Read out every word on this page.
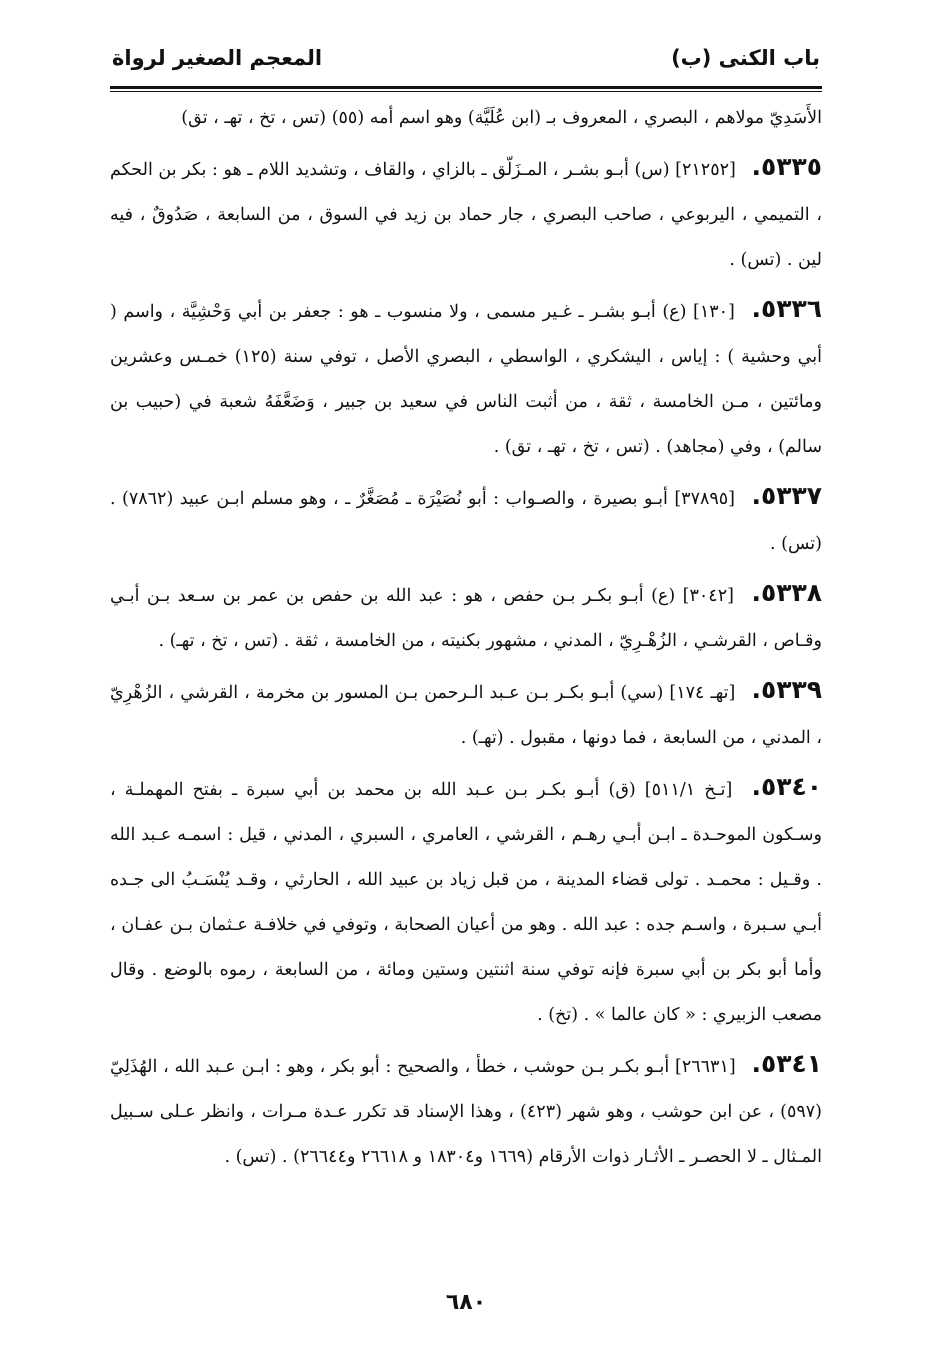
باب الكنى (ب)
المعجم الصغير لرواة

الأَسَدِيّ مولاهم ، البصري ، المعروف بـ (ابن عُلَيَّة) وهو اسم أمه (٥٥) (تس ، تخ ، تهـ ، تق)

٥٣٣٥. [٢١٢٥٢] (س) أبـو بشـر ، المـزَلّق ـ بالزاي ، والقاف ، وتشديد اللام ـ هو : بكر بن الحكم ، التميمي ، اليربوعي ، صاحب البصري ، جار حماد بن زيد في السوق ، من السابعة ، صَدُوقٌ ، فيه لين . (تس) .

٥٣٣٦. [١٣٠] (ع) أبـو بشـر ـ غـير مسمى ، ولا منسوب ـ هو : جعفر بن أبي وَحْشِيَّة ، واسم ( أبي وحشية ) : إياس ، اليشكري ، الواسطي ، البصري الأصل ، توفي سنة (١٢٥) خمـس وعشرين ومائتين ، مـن الخامسة ، ثقة ، من أثبت الناس في سعيد بن جبير ، وَضَعَّفَهُ شعبة في (حبيب بن سالم) ، وفي (مجاهد) . (تس ، تخ ، تهـ ، تق) .

٥٣٣٧. [٣٧٨٩٥] أبـو بصيرة ، والصـواب : أبو نُصَيْرَة ـ مُصَغَّرٌ ـ ، وهو مسلم ابـن عبيد (٧٨٦٢) . (تس) .

٥٣٣٨. [٣٠٤٢] (ع) أبـو بكـر بـن حفص ، هو : عبد الله بن حفص بن عمر بن سـعد بـن أبـي وقـاص ، القرشـي ، الزُهْـرِيّ ، المدني ، مشهور بكنيته ، من الخامسة ، ثقة . (تس ، تخ ، تهـ) .

٥٣٣٩. [تهـ ١٧٤] (سي) أبـو بكـر بـن عـبد الـرحمن بـن المسور بن مخرمة ، القرشي ، الزُهْرِيّ ، المدني ، من السابعة ، فما دونها ، مقبول . (تهـ) .

٥٣٤٠. [تـخ ٥١١/١] (ق) أبـو بكـر بـن عـبد الله بن محمد بن أبي سبرة ـ بفتح المهملـة ، وسـكون الموحـدة ـ ابـن أبـي رهـم ، القرشي ، العامري ، السبري ، المدني ، قيل : اسمـه عـبد الله . وقـيل : محمـد . تولى قضاء المدينة ، من قبل زياد بن عبيد الله ، الحارثي ، وقـد يُنْسَـبُ الى جـده أبـي سـبرة ، واسـم جده : عبد الله . وهو من أعيان الصحابة ، وتوفي في خلافـة عـثمان بـن عفـان ، وأما أبو بكر بن أبي سبرة فإنه توفي سنة اثنتين وستين ومائة ، من السابعة ، رموه بالوضع . وقال مصعب الزبيري : « كان عالما » . (تخ) .

٥٣٤١. [٢٦٦٣١] أبـو بكـر بـن حوشب ، خطأ ، والصحيح : أبو بكر ، وهو : ابـن عـبد الله ، الهُذَلِيّ (٥٩٧) ، عن ابن حوشب ، وهو شهر (٤٢٣) ، وهذا الإسناد قد تكرر عـدة مـرات ، وانظر عـلى سـبيل المـثال ـ لا الحصـر ـ الأثـار ذوات الأرقام (١٦٦٩ و١٨٣٠٤ و ٢٦٦١٨ و٢٦٦٤٤) . (تس) .

٦٨٠
